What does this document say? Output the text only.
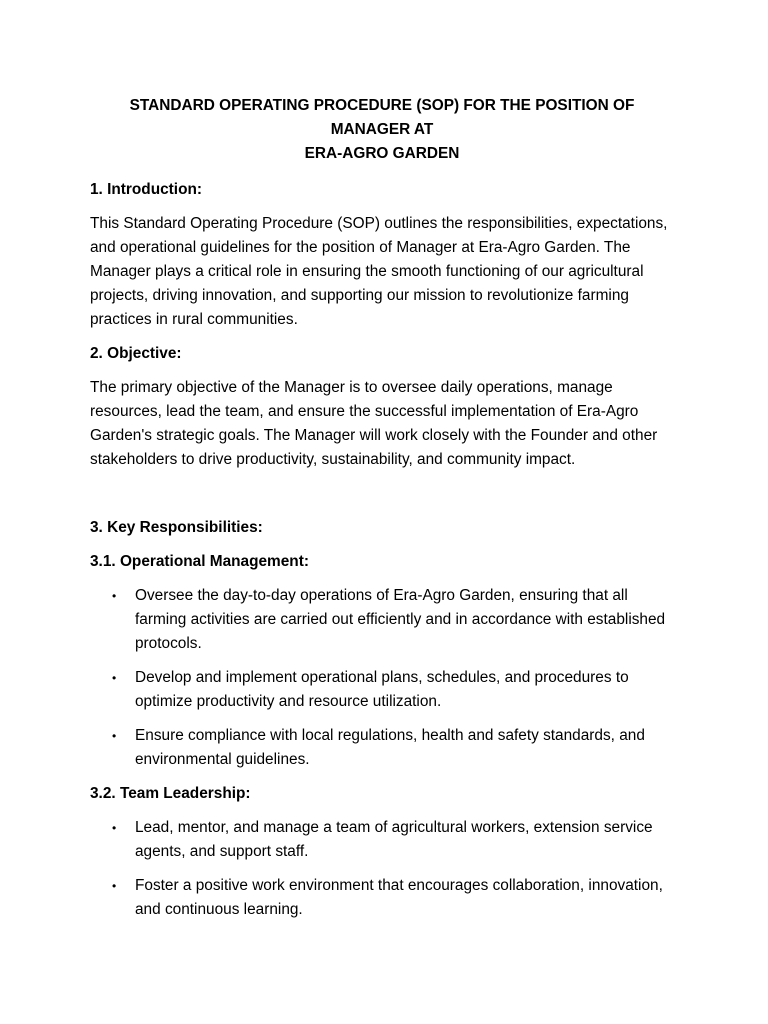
STANDARD OPERATING PROCEDURE (SOP) FOR THE POSITION OF MANAGER AT
ERA-AGRO GARDEN
1. Introduction:

This Standard Operating Procedure (SOP) outlines the responsibilities, expectations, and operational guidelines for the position of Manager at Era-Agro Garden. The Manager plays a critical role in ensuring the smooth functioning of our agricultural projects, driving innovation, and supporting our mission to revolutionize farming practices in rural communities.

2. Objective:

The primary objective of the Manager is to oversee daily operations, manage resources, lead the team, and ensure the successful implementation of Era-Agro Garden's strategic goals. The Manager will work closely with the Founder and other stakeholders to drive productivity, sustainability, and community impact.

3. Key Responsibilities:
3.1. Operational Management:
• Oversee the day-to-day operations of Era-Agro Garden, ensuring that all farming activities are carried out efficiently and in accordance with established protocols.
• Develop and implement operational plans, schedules, and procedures to optimize productivity and resource utilization.
• Ensure compliance with local regulations, health and safety standards, and environmental guidelines.
3.2. Team Leadership:
• Lead, mentor, and manage a team of agricultural workers, extension service agents, and support staff.
• Foster a positive work environment that encourages collaboration, innovation, and continuous learning.
